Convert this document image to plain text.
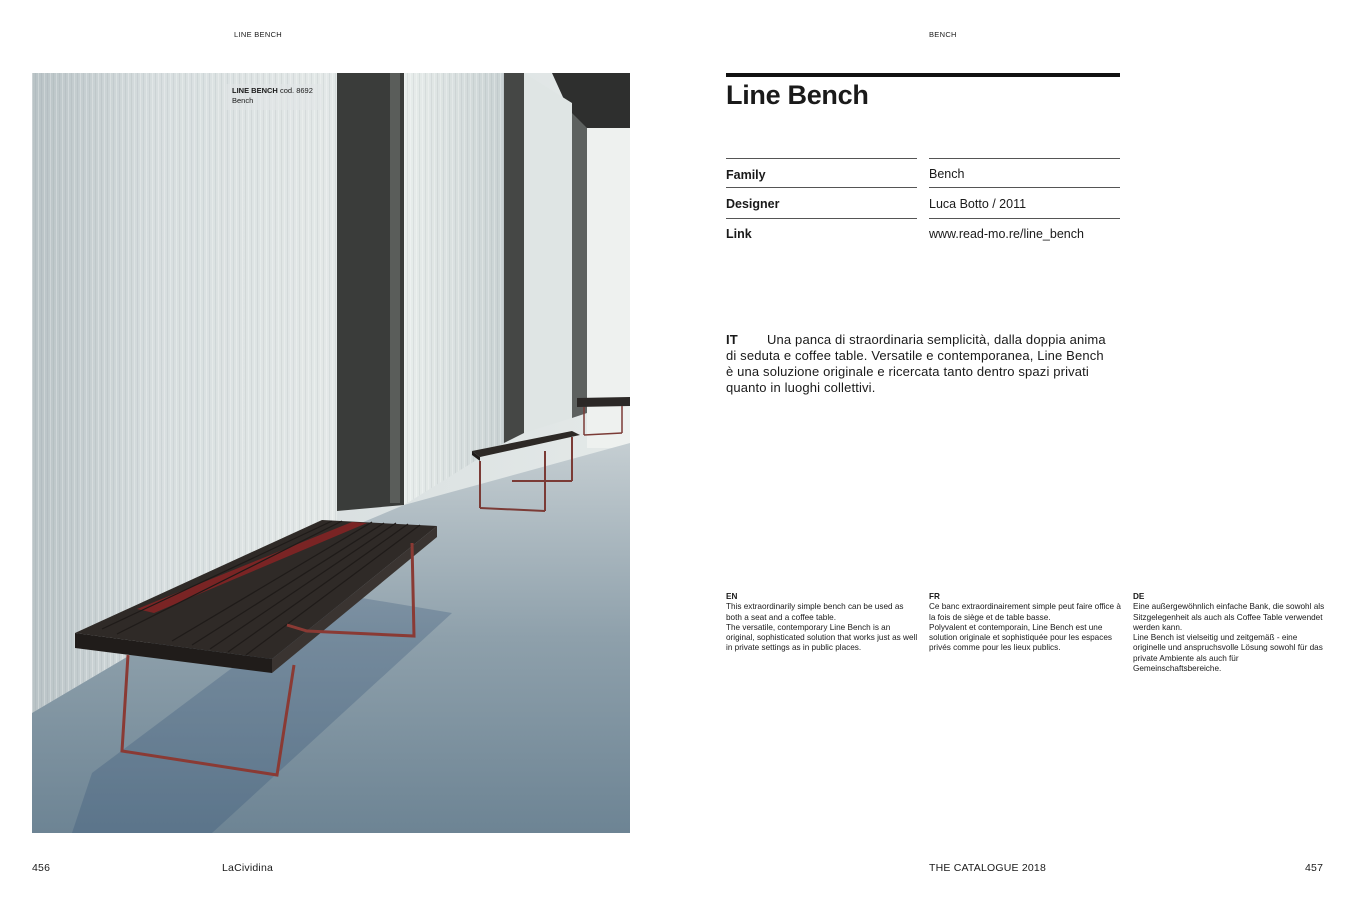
LINE BENCH	BENCH
LINE BENCH cod. 8692
Bench	Line Bench
Family	Bench
Designer	Luca Botto / 2011
Link	www.read-mo.re/line_bench
IT Una panca di straordinaria semplicità, dalla doppia anima di seduta e coffee table. Versatile e contemporanea, Line Bench è una soluzione originale e ricercata tanto dentro spazi privati quanto in luoghi collettivi.
EN
This extraordinarily simple bench can be used as both a seat and a coffee table.
The versatile, contemporary Line Bench is an original, sophisticated solution that works just as well in private settings as in public places.
FR
Ce banc extraordinairement simple peut faire office à la fois de siège et de table basse.
Polyvalent et contemporain, Line Bench est une solution originale et sophistiquée pour les espaces privés comme pour les lieux publics.
DE
Eine außergewöhnlich einfache Bank, die sowohl als Sitzgelegenheit als auch als Coffee Table verwendet werden kann.
Line Bench ist vielseitig und zeitgemäß - eine originelle und anspruchsvolle Lösung sowohl für das private Ambiente als auch für Gemeinschaftsbereiche.
456	LaCividina	THE CATALOGUE 2018	457
